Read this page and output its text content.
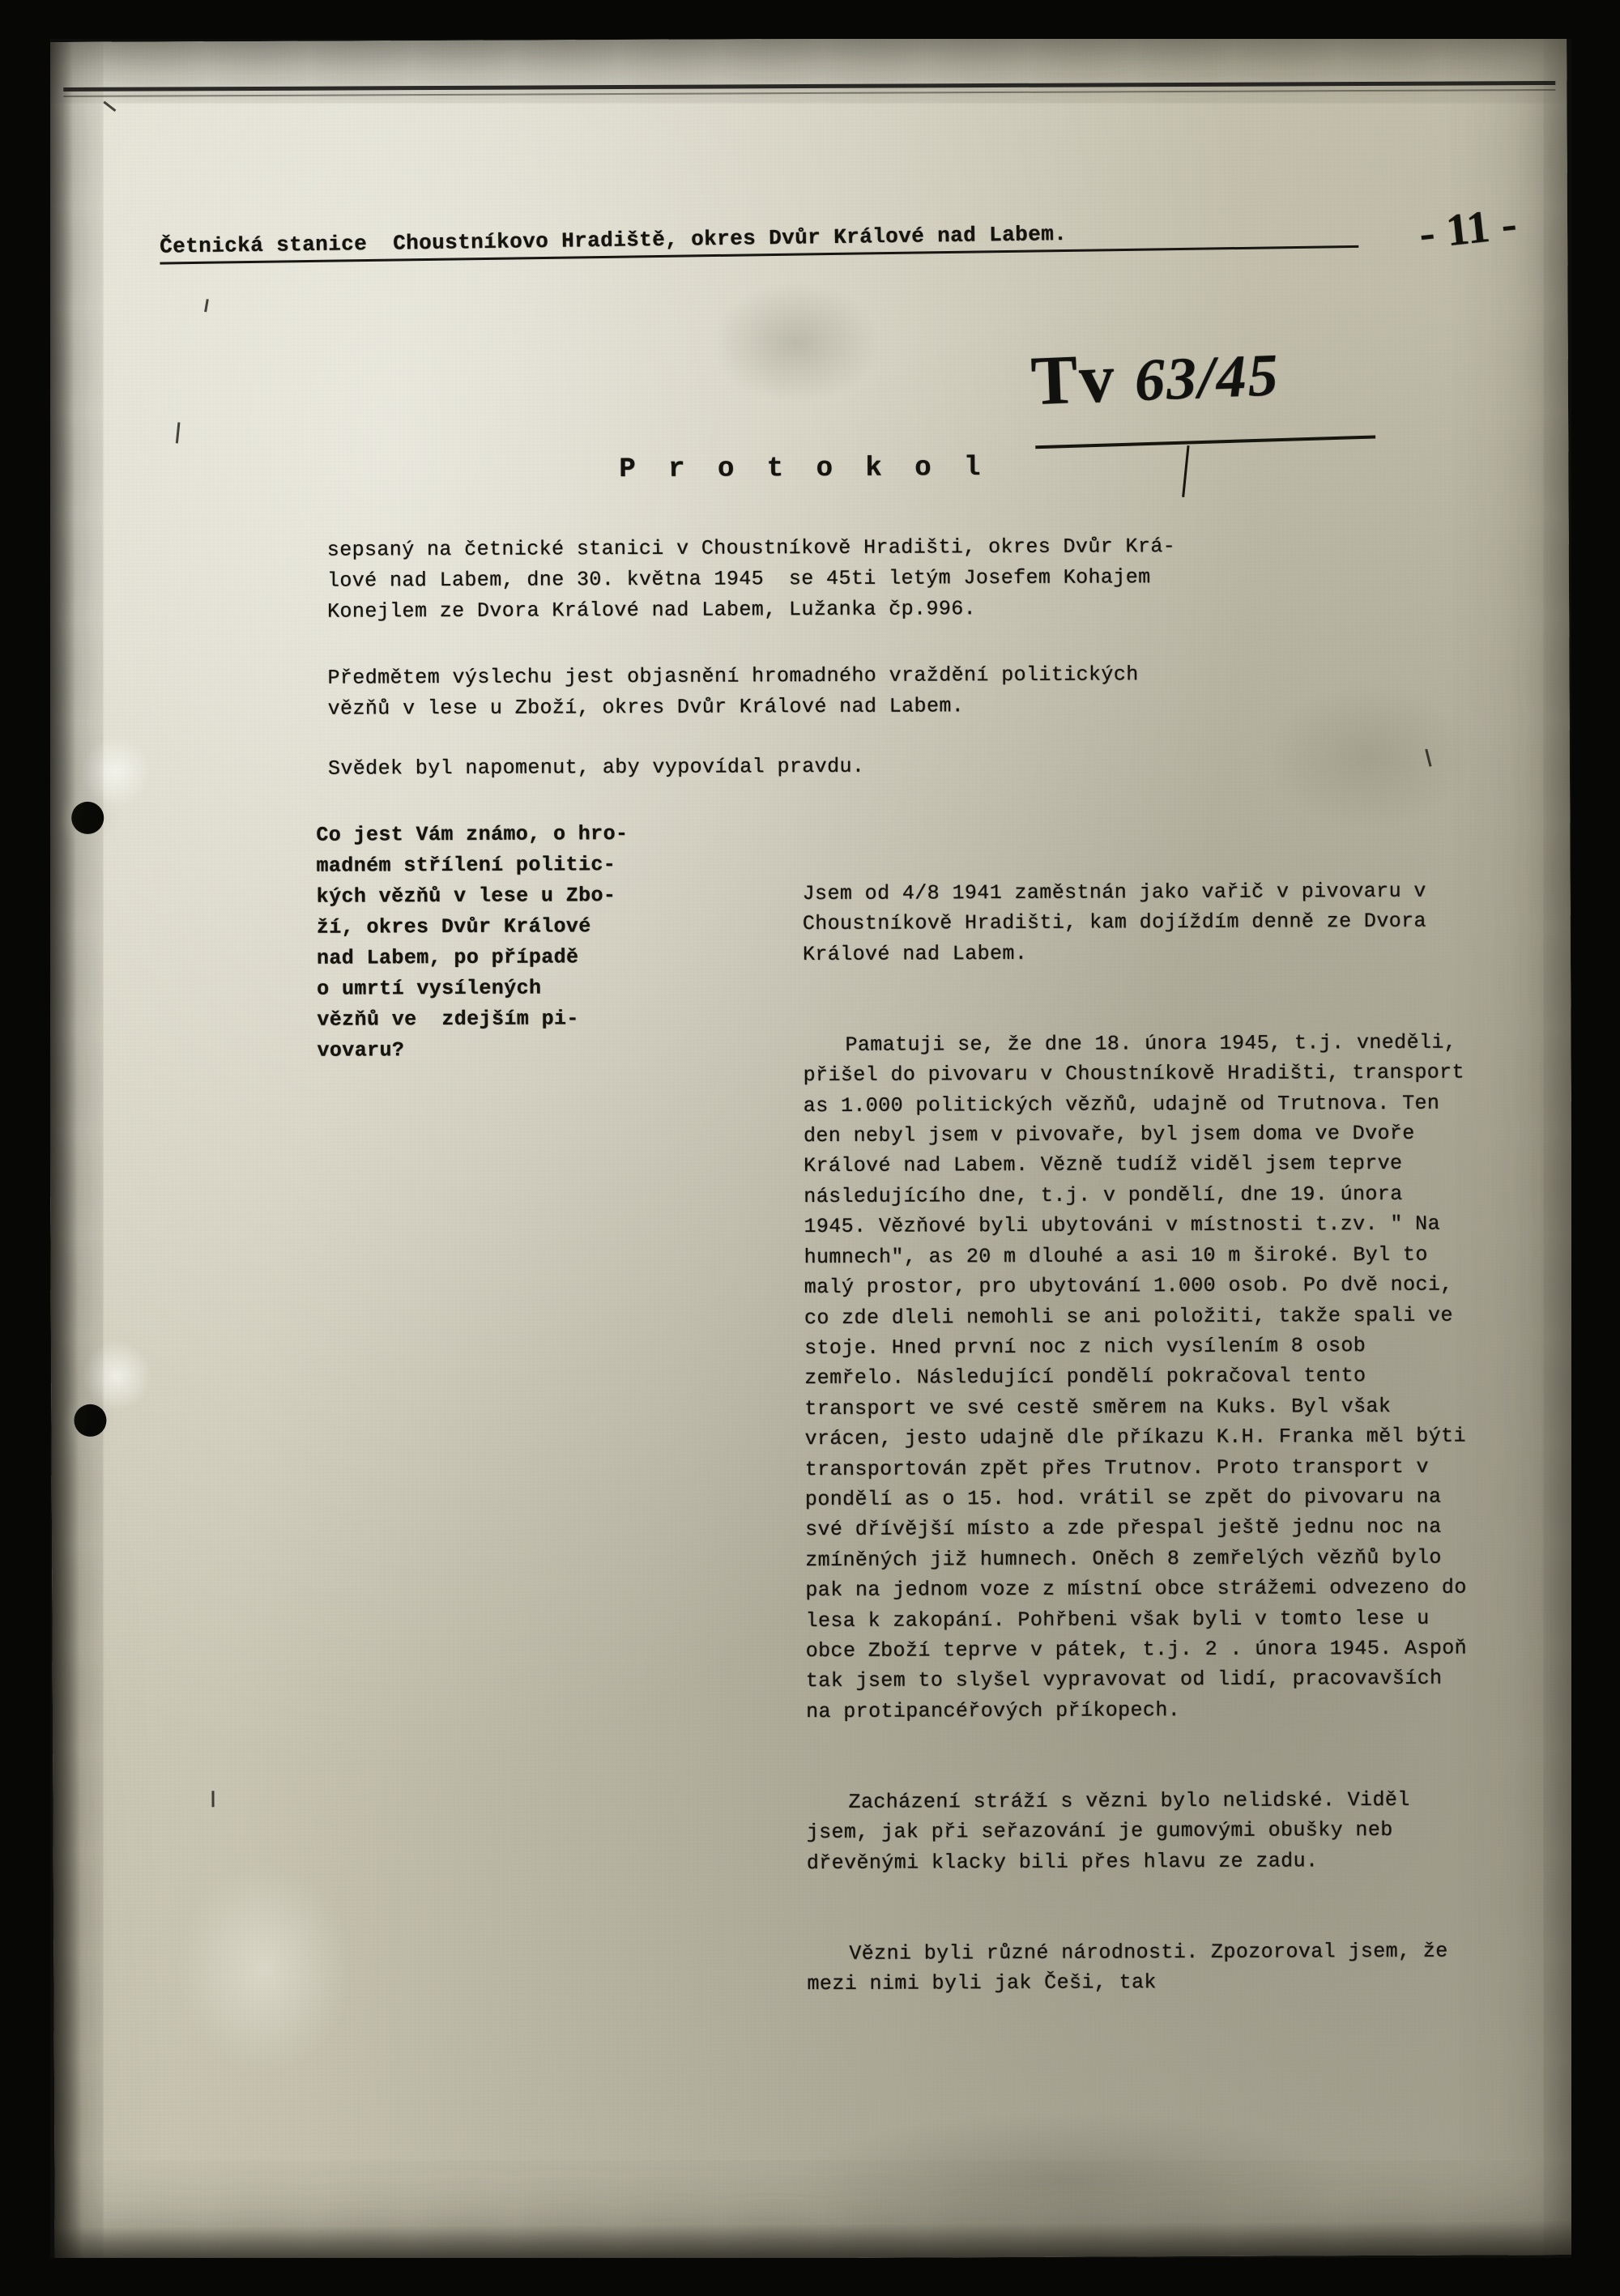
Četnická stanice  Choustníkovo Hradiště, okres Dvůr Králové nad Labem.	- 11 -
Tv 63/45
P r o t o k o l
sepsaný na četnické stanici v Choustníkově Hradišti, okres Dvůr Krá-
lové nad Labem, dne 30. května 1945  se 45ti letým Josefem Kohajem
Konejlem ze Dvora Králové nad Labem, Lužanka čp.996.
Předmětem výslechu jest objasnění hromadného vraždění politických
vězňů v lese u Zboží, okres Dvůr Králové nad Labem.
Svědek byl napomenut, aby vypovídal pravdu.
Co jest Vám známo, o hro-
madném střílení politic-
kých vězňů v lese u Zbo-
ží, okres Dvůr Králové
nad Labem, po případě
o umrtí vysílených
vězňů ve  zdejším pi-
vovaru?

Jsem od 4/8 1941 zaměstnán jako vařič v pivovaru v Choustníkově Hradišti, kam dojíždím denně ze Dvora Králové nad Labem.

Pamatuji se, že dne 18. února 1945, t.j. vneděli, přišel do pivovaru v Choustníkově Hradišti, transport as 1.000 politických vězňů, udajně od Trutnova. Ten den nebyl jsem v pivovaře, byl jsem doma ve Dvoře  Králové nad Labem. Vězně tudíž viděl jsem teprve následujícího dne, t.j. v pondělí, dne 19. února 1945. Vězňové byli ubytováni v místnosti t.zv. " Na humnech", as 20 m dlouhé a asi 10 m široké. Byl to malý prostor, pro ubytování 1.000 osob. Po dvě noci, co zde dleli nemohli se ani položiti, takže spali ve stoje. Hned první noc z nich vysílením 8 osob zemřelo. Následující pondělí pokračoval tento transport ve své cestě směrem na Kuks. Byl však vrácen, jesto udajně dle příkazu K.H. Franka měl býti transportován zpět přes Trutnov. Proto transport v pondělí as o 15. hod. vrátil se zpět do pivovaru na své dřívější místo a zde přespal ještě jednu noc na zmíněných již humnech. Oněch 8 zemřelých vězňů bylo pak na jednom voze z místní obce strážemi odvezeno do lesa k zakopání. Pohřbeni však byli v tomto lese u obce Zboží teprve v pátek, t.j. 2 . února 1945. Aspoň tak jsem to slyšel vypravovat od lidí, pracovavších na protipancéřových příkopech.

Zacházení stráží s vězni bylo nelidské. Viděl jsem, jak při seřazování je gumovými obušky neb dřevěnými klacky bili přes hlavu ze zadu.

Vězni byli různé národnosti. Zpozoroval jsem, že mezi nimi byli jak Češi, tak
